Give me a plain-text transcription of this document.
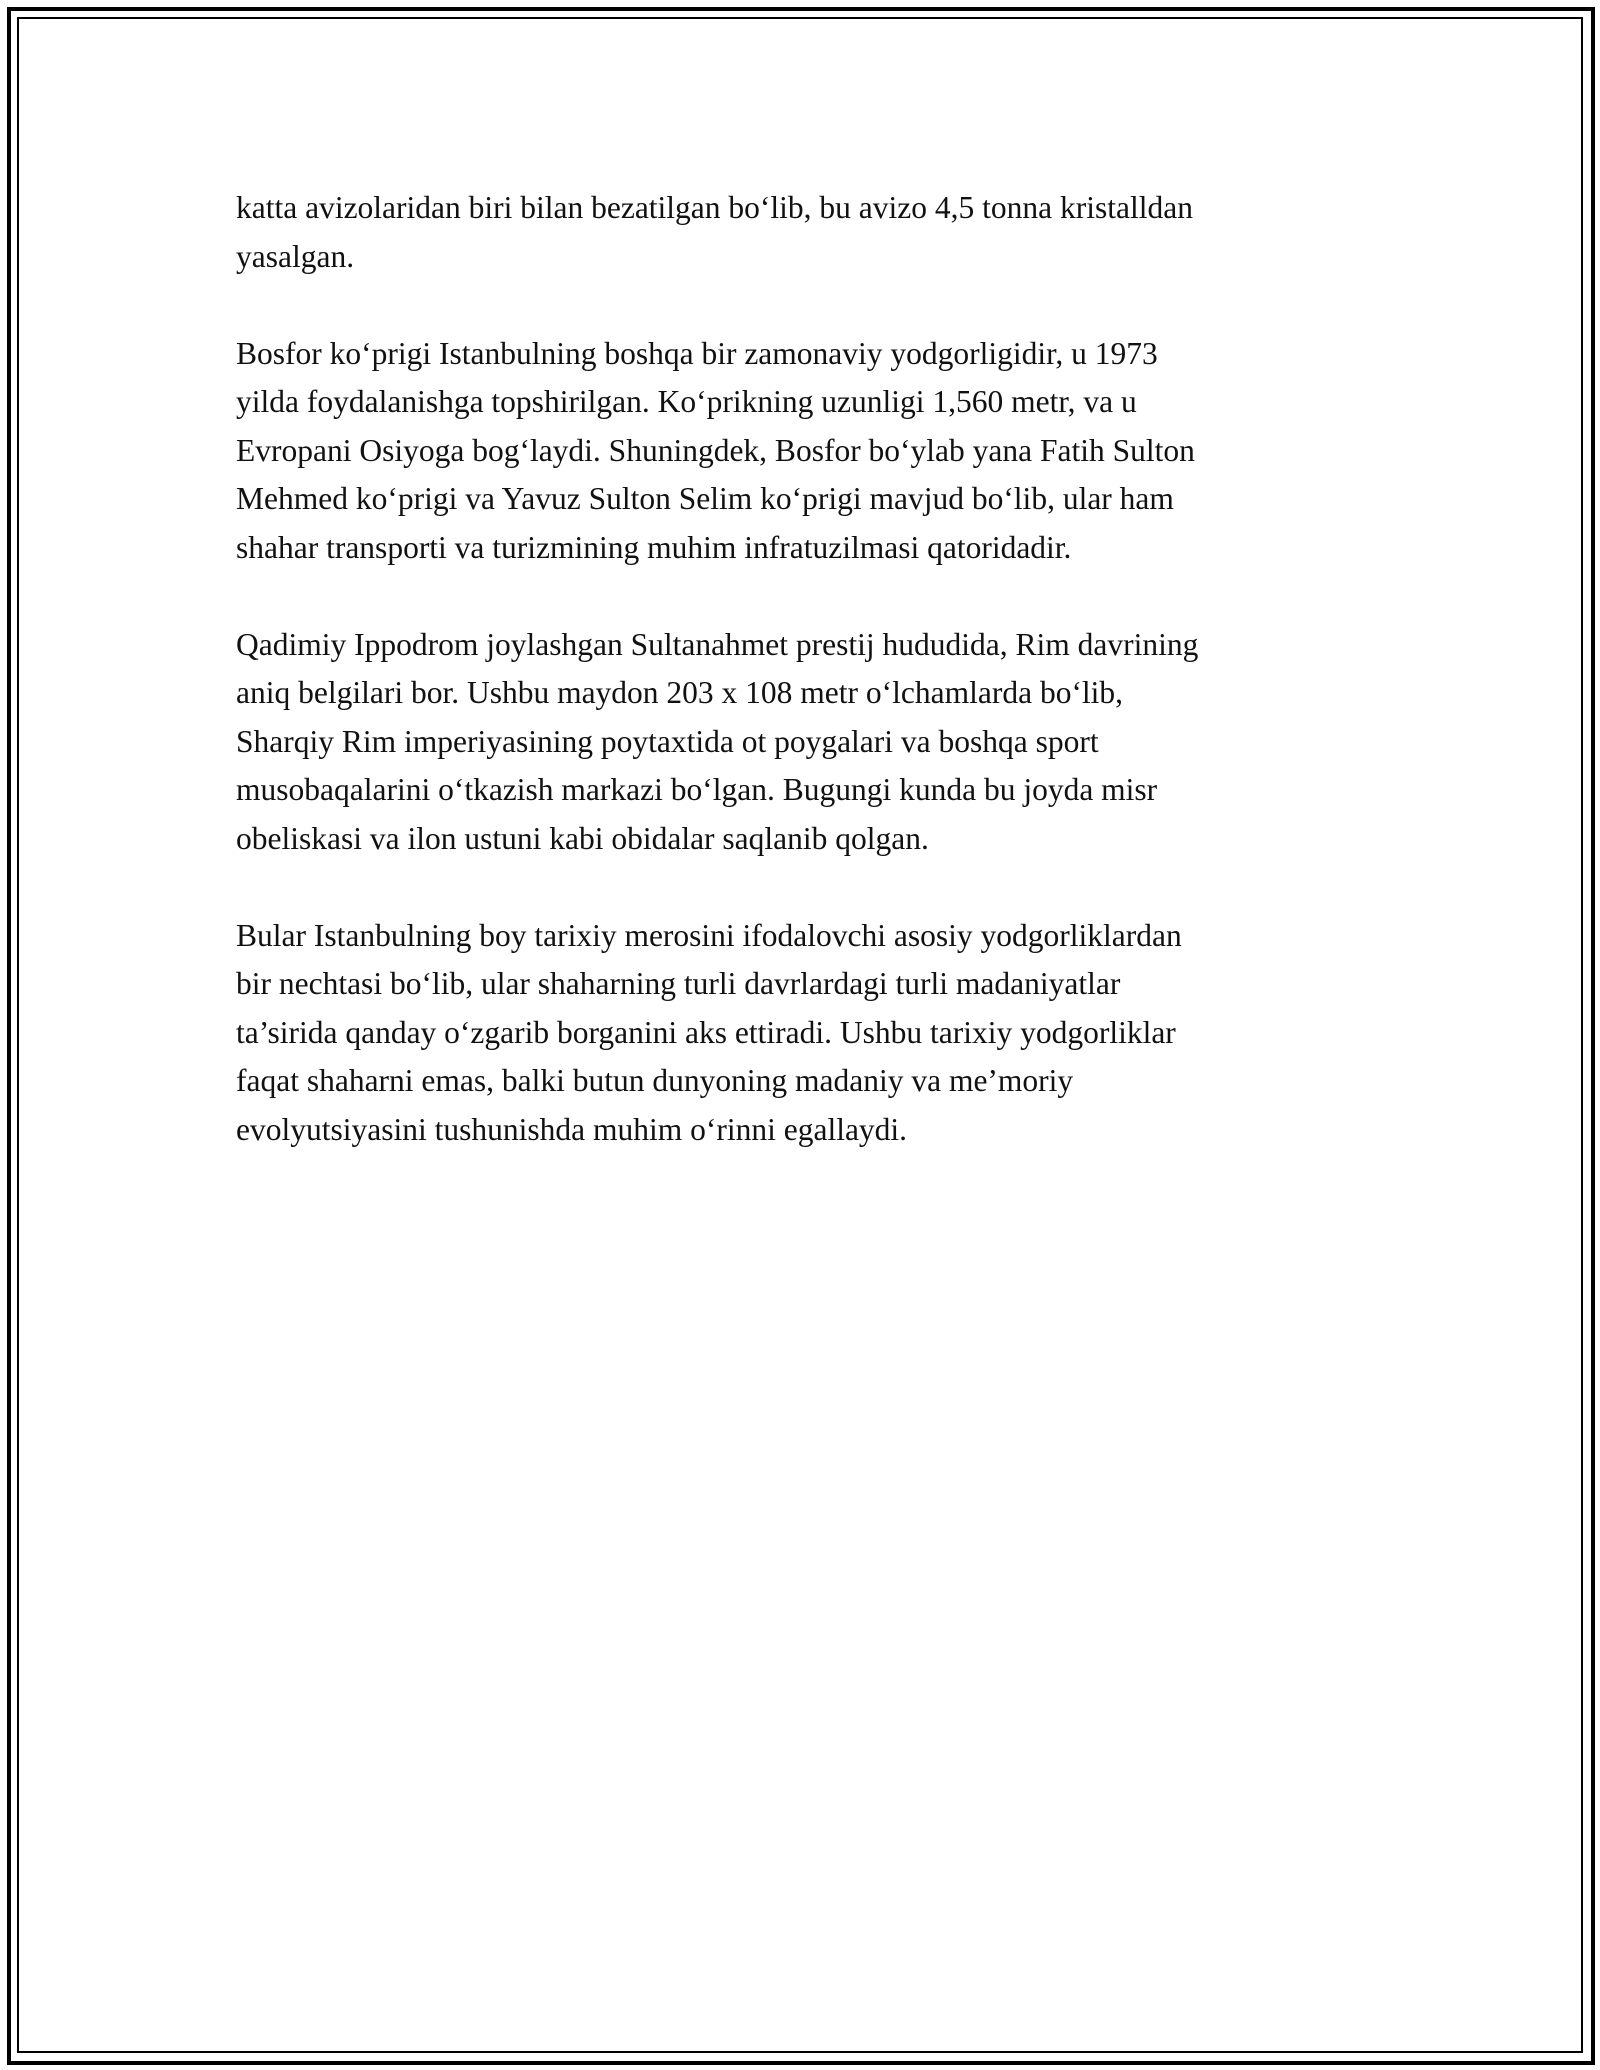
katta avizolaridan biri bilan bezatilgan bo‘lib, bu avizo 4,5 tonna kristalldan
yasalgan.

Bosfor ko‘prigi Istanbulning boshqa bir zamonaviy yodgorligidir, u 1973
yilda foydalanishga topshirilgan. Ko‘prikning uzunligi 1,560 metr, va u
Evropani Osiyoga bog‘laydi. Shuningdek, Bosfor bo‘ylab yana Fatih Sulton
Mehmed ko‘prigi va Yavuz Sulton Selim ko‘prigi mavjud bo‘lib, ular ham
shahar transporti va turizmining muhim infratuzilmasi qatoridadir.

Qadimiy Ippodrom joylashgan Sultanahmet prestij hududida, Rim davrining
aniq belgilari bor. Ushbu maydon 203 x 108 metr o‘lchamlarda bo‘lib,
Sharqiy Rim imperiyasining poytaxtida ot poygalari va boshqa sport
musobaqalarini o‘tkazish markazi bo‘lgan. Bugungi kunda bu joyda misr
obeliskasi va ilon ustuni kabi obidalar saqlanib qolgan.

Bular Istanbulning boy tarixiy merosini ifodalovchi asosiy yodgorliklardan
bir nechtasi bo‘lib, ular shaharning turli davrlardagi turli madaniyatlar
ta’sirida qanday o‘zgarib borganini aks ettiradi. Ushbu tarixiy yodgorliklar
faqat shaharni emas, balki butun dunyoning madaniy va me’moriy
evolyutsiyasini tushunishda muhim o‘rinni egallaydi.
